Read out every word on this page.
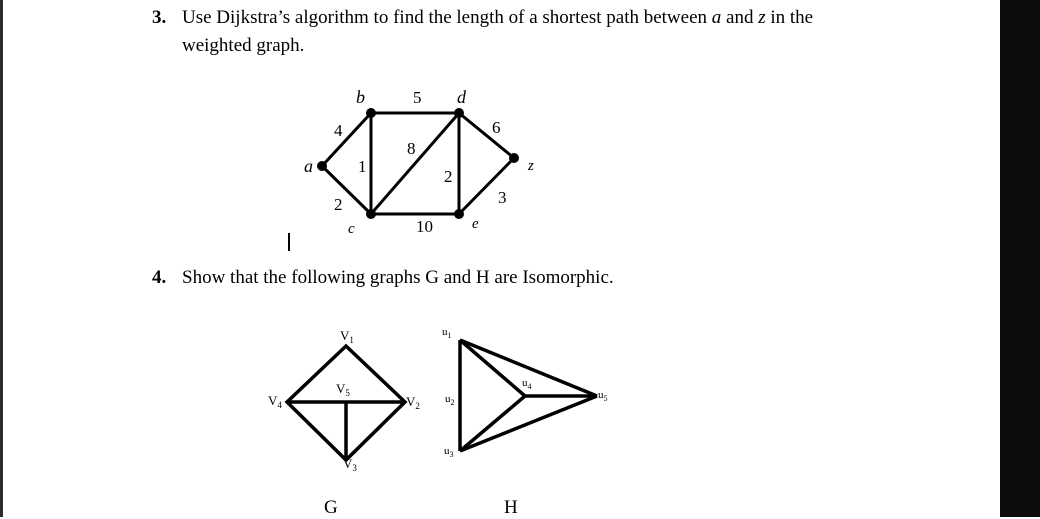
3. Use Dijkstra’s algorithm to find the length of a shortest path between a and z in the
weighted graph.
a
b	d
c	e
z
4
5
2
1
8
2
10
6
3
4. Show that the following graphs G and H are Isomorphic.
$V_1$
$V_5$
$V_4$	$V_2$
$V_3$
$u_1$
$u_4$
$u_2$
$u_5$
$u_3$
G	H
